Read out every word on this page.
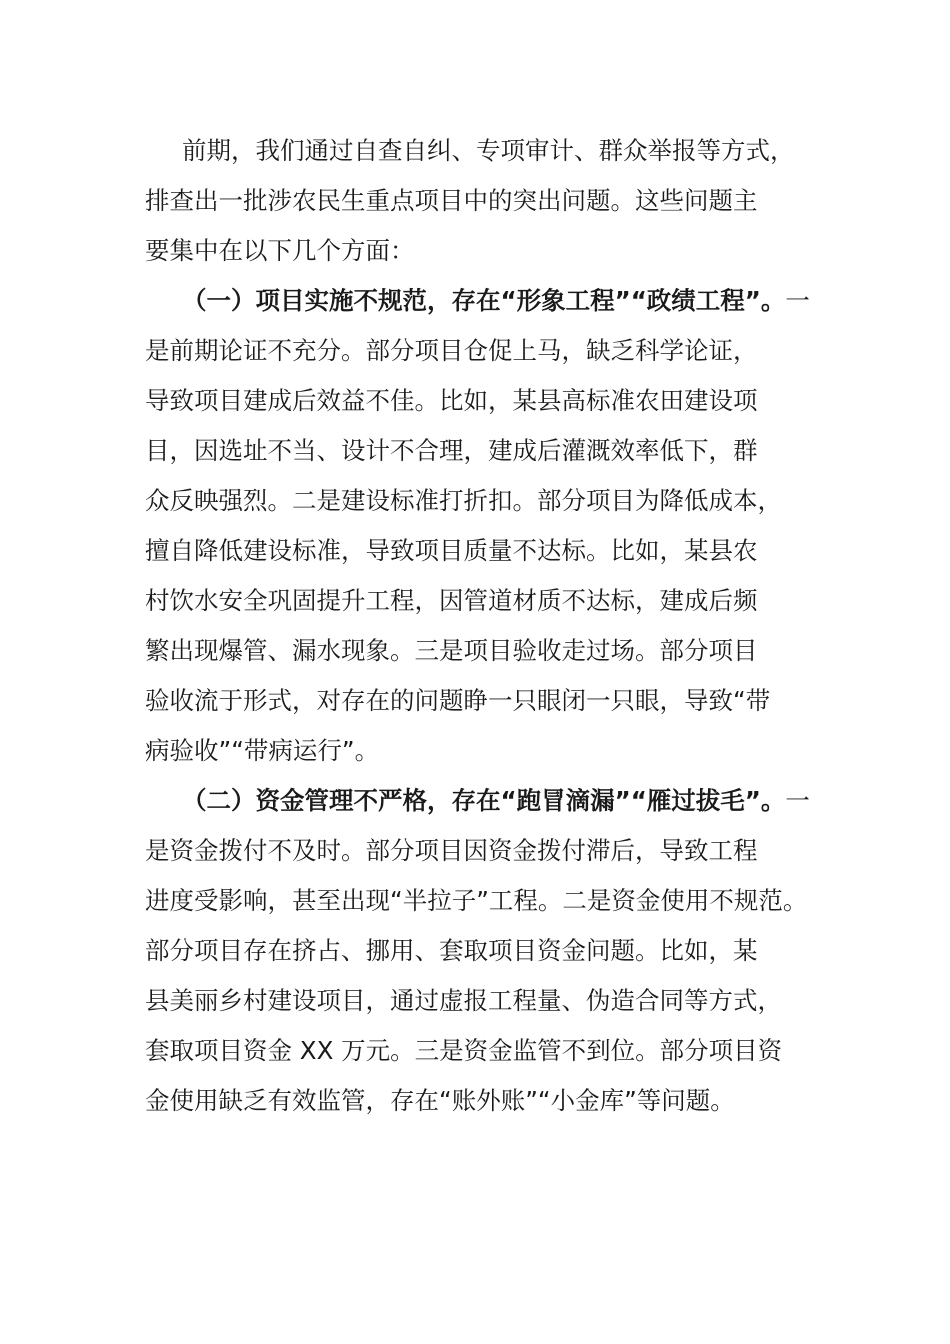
前期，我们通过自查自纠、专项审计、群众举报等方式，
排查出一批涉农民生重点项目中的突出问题。这些问题主
要集中在以下几个方面：
（一）项目实施不规范，存在“形象工程”“政绩工程”。一
是前期论证不充分。部分项目仓促上马，缺乏科学论证，
导致项目建成后效益不佳。比如，某县高标准农田建设项
目，因选址不当、设计不合理，建成后灌溉效率低下，群
众反映强烈。二是建设标准打折扣。部分项目为降低成本，
擅自降低建设标准，导致项目质量不达标。比如，某县农
村饮水安全巩固提升工程，因管道材质不达标，建成后频
繁出现爆管、漏水现象。三是项目验收走过场。部分项目
验收流于形式，对存在的问题睁一只眼闭一只眼，导致“带
病验收”“带病运行”。
（二）资金管理不严格，存在“跑冒滴漏”“雁过拔毛”。一
是资金拨付不及时。部分项目因资金拨付滞后，导致工程
进度受影响，甚至出现“半拉子”工程。二是资金使用不规范。
部分项目存在挤占、挪用、套取项目资金问题。比如，某
县美丽乡村建设项目，通过虚报工程量、伪造合同等方式，
套取项目资金 XX 万元。三是资金监管不到位。部分项目资
金使用缺乏有效监管，存在“账外账”“小金库”等问题。
